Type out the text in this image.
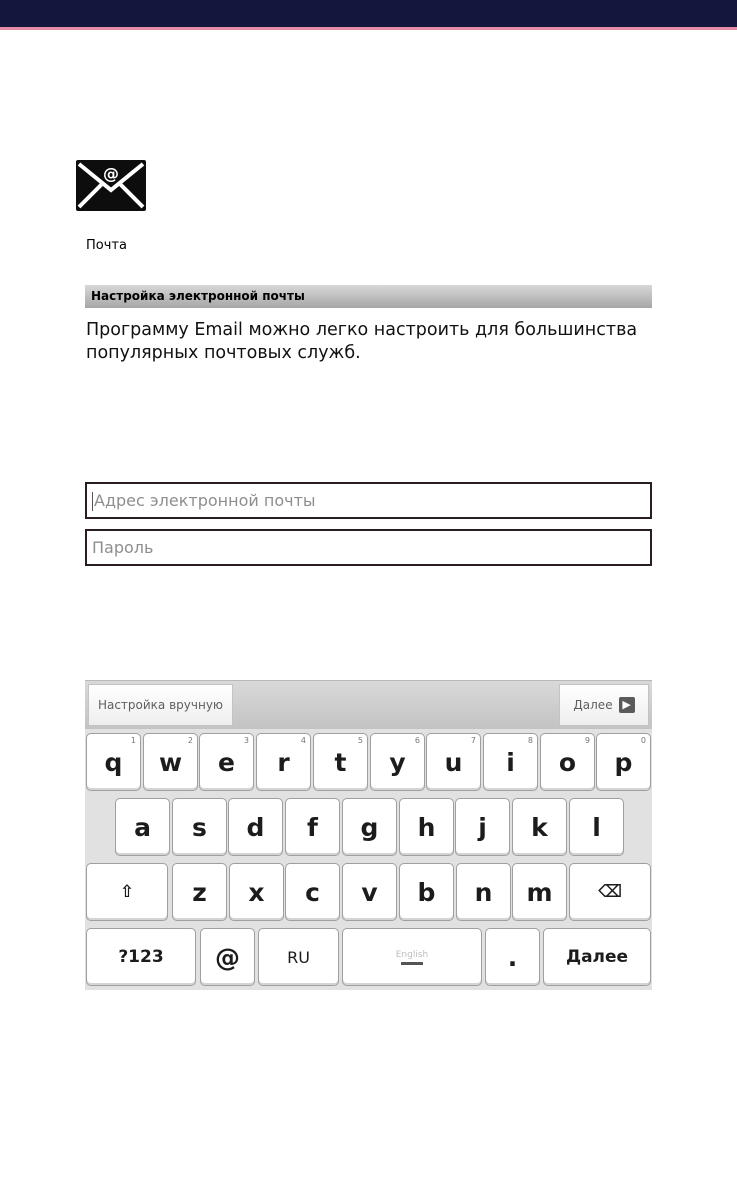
@
Почта
Настройка электронной почты
Программу Email можно легко настроить для большинства популярных почтовых служб.
Адрес электронной почты
Пароль
Настройка вручную	Далее ▶
q
1
w
2
e
3
r
4
t
5
y
6
u
7
i
8
o
9
p
0
a s d f g h j k l
⇧ z x c v b n m	⌫
?123 @	RU	English	.	Далее
